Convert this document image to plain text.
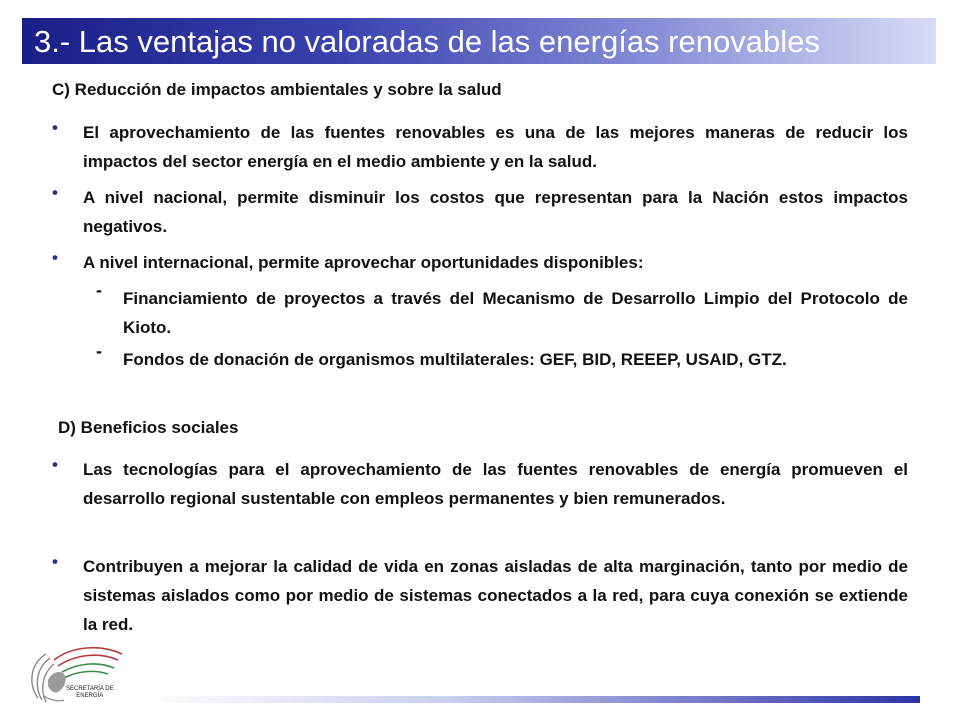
3.- Las ventajas no valoradas de las energías renovables
C) Reducción de impactos ambientales y sobre la salud
• El aprovechamiento de las fuentes renovables es una de las mejores maneras de reducir los impactos del sector energía en el medio ambiente y en la salud.
• A nivel nacional, permite disminuir los costos que representan para la Nación estos impactos negativos.
• A nivel internacional, permite aprovechar oportunidades disponibles:
- Financiamiento de proyectos a través del Mecanismo de Desarrollo Limpio del Protocolo de Kioto.
- Fondos de donación de organismos multilaterales: GEF, BID, REEEP, USAID, GTZ.
D) Beneficios sociales
• Las tecnologías para el aprovechamiento de las fuentes renovables de energía promueven el desarrollo regional sustentable con empleos permanentes y bien remunerados.
• Contribuyen a mejorar la calidad de vida en zonas aisladas de alta marginación, tanto por medio de sistemas aislados como por medio de sistemas conectados a la red, para cuya conexión se extiende la red.
SECRETARÍA DE
ENERGÍA
